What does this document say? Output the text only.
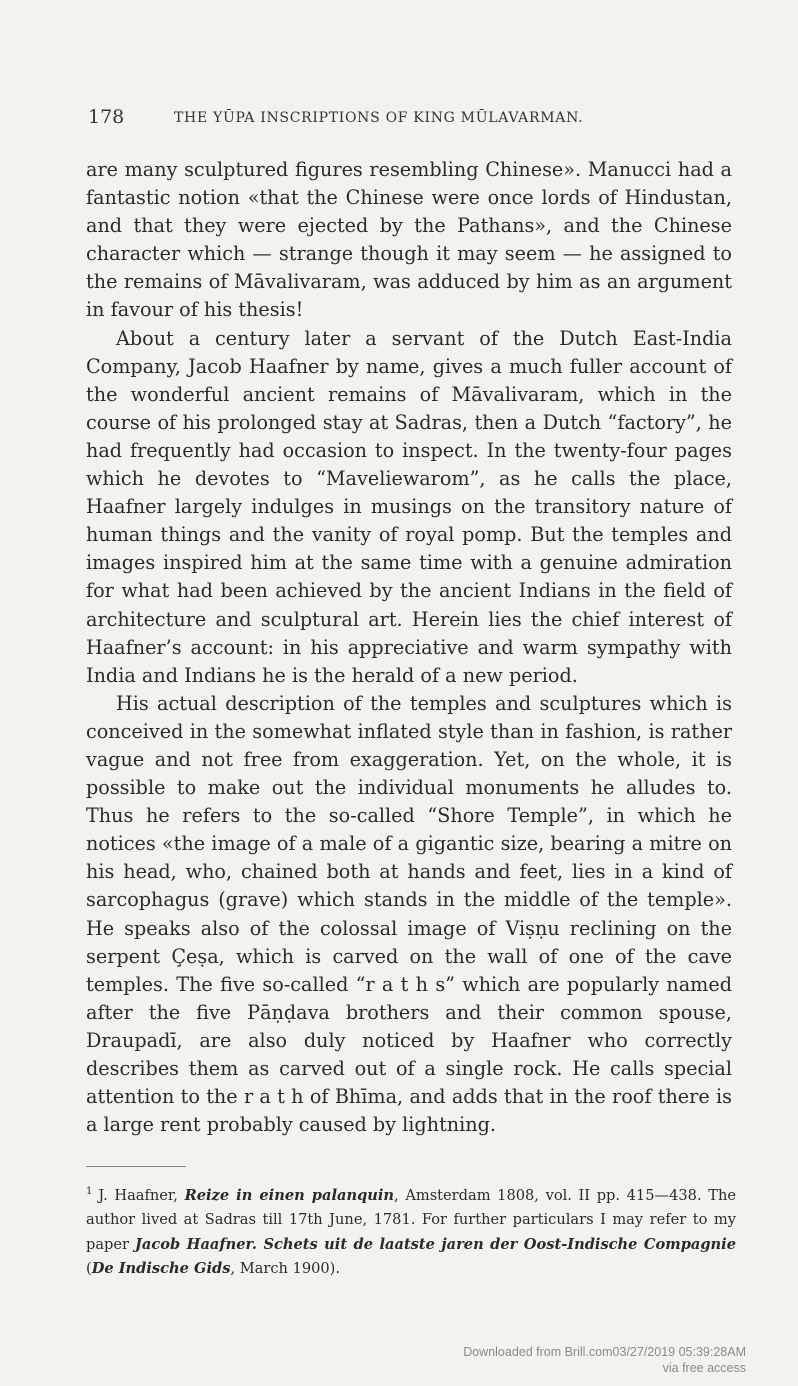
178	THE YŪPA INSCRIPTIONS OF KING MŪLAVARMAN.

are many sculptured figures resembling Chinese». Manucci had a fantastic notion «that the Chinese were once lords of Hindustan, and that they were ejected by the Pathans», and the Chinese character which — strange though it may seem — he assigned to the remains of Māvalivaram, was adduced by him as an argument in favour of his thesis!

About a century later a servant of the Dutch East-India Company, Jacob Haafner by name, gives a much fuller account of the wonderful ancient remains of Māvalivaram, which in the course of his prolonged stay at Sadras, then a Dutch “factory”, he had frequently had occasion to inspect. In the twenty-four pages which he devotes to “Maveliewarom”, as he calls the place, Haafner largely indulges in musings on the transitory nature of human things and the vanity of royal pomp. But the temples and images inspired him at the same time with a genuine admiration for what had been achieved by the ancient Indians in the field of architecture and sculptural art. Herein lies the chief interest of Haafner’s account: in his appreciative and warm sympathy with India and Indians he is the herald of a new period.

His actual description of the temples and sculptures which is conceived in the somewhat inflated style than in fashion, is rather vague and not free from exaggeration. Yet, on the whole, it is possible to make out the individual monuments he alludes to. Thus he refers to the so-called “Shore Temple”, in which he notices «the image of a male of a gigantic size, bearing a mitre on his head, who, chained both at hands and feet, lies in a kind of sarcophagus (grave) which stands in the middle of the temple». He speaks also of the colossal image of Viṣṇu reclining on the serpent Çeṣa, which is carved on the wall of one of the cave temples. The five so-called “r a t h s” which are popularly named after the five Pāṇḍava brothers and their common spouse, Draupadī, are also duly noticed by Haafner who correctly describes them as carved out of a single rock. He calls special attention to the r a t h of Bhīma, and adds that in the roof there is a large rent probably caused by lightning.

$^1$ J. Haafner, Reize in einen palanquin, Amsterdam 1808, vol. II pp. 415—438. The author lived at Sadras till 17th June, 1781. For further particulars I may refer to my paper Jacob Haafner. Schets uit de laatste jaren der Oost-Indische Compagnie (De Indische Gids, March 1900).
Downloaded from Brill.com03/27/2019 05:39:28AM
via free access
